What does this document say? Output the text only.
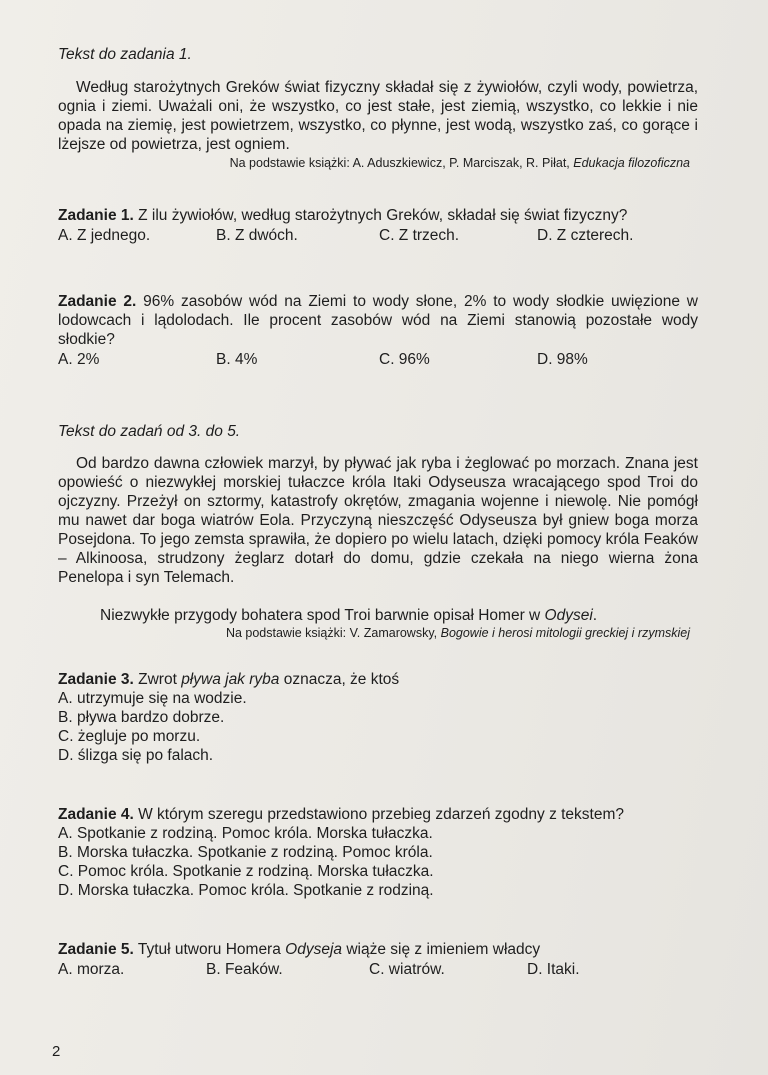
Tekst do zadania 1.
Według starożytnych Greków świat fizyczny składał się z żywiołów, czyli wody, powietrza, ognia i ziemi. Uważali oni, że wszystko, co jest stałe, jest ziemią, wszystko, co lekkie i nie opada na ziemię, jest powietrzem, wszystko, co płynne, jest wodą, wszystko zaś, co gorące i lżejsze od powietrza, jest ogniem.
Na podstawie książki: A. Aduszkiewicz, P. Marciszak, R. Piłat, Edukacja filozoficzna
Zadanie 1. Z ilu żywiołów, według starożytnych Greków, składał się świat fizyczny?
A. Z jednego.	B. Z dwóch.	C. Z trzech.	D. Z czterech.
Zadanie 2. 96% zasobów wód na Ziemi to wody słone, 2% to wody słodkie uwięzione w lodowcach i lądolodach. Ile procent zasobów wód na Ziemi stanowią pozostałe wody słodkie?
A. 2%	B. 4%	C. 96%	D. 98%
Tekst do zadań od 3. do 5.
Od bardzo dawna człowiek marzył, by pływać jak ryba i żeglować po morzach. Znana jest opowieść o niezwykłej morskiej tułaczce króla Itaki Odyseusza wracającego spod Troi do ojczyzny. Przeżył on sztormy, katastrofy okrętów, zmagania wojenne i niewolę. Nie pomógł mu nawet dar boga wiatrów Eola. Przyczyną nieszczęść Odyseusza był gniew boga morza Posejdona. To jego zemsta sprawiła, że dopiero po wielu latach, dzięki pomocy króla Feaków – Alkinoosa, strudzony żeglarz dotarł do domu, gdzie czekała na niego wierna żona Penelopa i syn Telemach.
Niezwykłe przygody bohatera spod Troi barwnie opisał Homer w Odysei.
Na podstawie książki: V. Zamarowsky, Bogowie i herosi mitologii greckiej i rzymskiej
Zadanie 3. Zwrot pływa jak ryba oznacza, że ktoś
A. utrzymuje się na wodzie.
B. pływa bardzo dobrze.
C. żegluje po morzu.
D. ślizga się po falach.
Zadanie 4. W którym szeregu przedstawiono przebieg zdarzeń zgodny z tekstem?
A. Spotkanie z rodziną. Pomoc króla. Morska tułaczka.
B. Morska tułaczka. Spotkanie z rodziną. Pomoc króla.
C. Pomoc króla. Spotkanie z rodziną. Morska tułaczka.
D. Morska tułaczka. Pomoc króla. Spotkanie z rodziną.
Zadanie 5. Tytuł utworu Homera Odyseja wiąże się z imieniem władcy
A. morza.	B. Feaków.	C. wiatrów.	D. Itaki.
2
